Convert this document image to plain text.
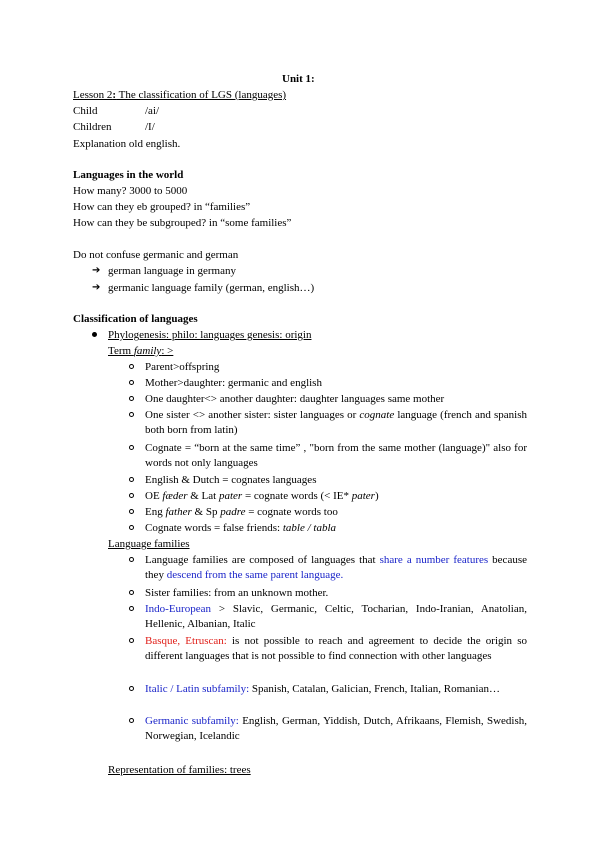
Unit 1:
Lesson 2: The classification of LGS (languages)
Child	/ai/
Children	/I/
Explanation old english.
Languages in the world
How many? 3000 to 5000
How can they eb grouped? in “families”
How can they be subgrouped? in “some families”
Do not confuse germanic and german
➔ german language in germany
➔ germanic language family (german, english…)
Classification of languages
Phylogenesis: philo: languages genesis: origin
Term family: >
Parent>offspring
Mother>daughter: germanic and english
One daughter<> another daughter: daughter languages same mother
One sister <> another sister: sister languages or cognate language (french and spanish both born from latin)
Cognate = “born at the same time” , "born from the same mother (language)" also for words not only languages
English & Dutch = cognates languages
OE fæder & Lat pater = cognate words (< IE* pater)
Eng father & Sp padre = cognate words too
Cognate words = false friends: table / tabla
Language families
Language families are composed of languages that share a number features because they descend from the same parent language.
Sister families: from an unknown mother.
Indo-European > Slavic, Germanic, Celtic, Tocharian, Indo-Iranian, Anatolian, Hellenic, Albanian, Italic
Basque, Etruscan: is not possible to reach and agreement to decide the origin so different languages that is not possible to find connection with other languages
Italic / Latin subfamily: Spanish, Catalan, Galician, French, Italian, Romanian…
Germanic subfamily: English, German, Yiddish, Dutch, Afrikaans, Flemish, Swedish, Norwegian, Icelandic
Representation of families: trees
